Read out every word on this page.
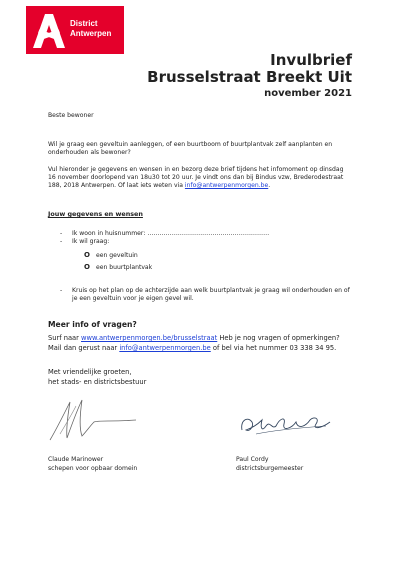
District
Antwerpen
Invulbrief
Brusselstraat Breekt Uit
november 2021
Beste bewoner
Wil je graag een geveltuin aanleggen, of een buurtboom of buurtplantvak zelf aanplanten en
onderhouden als bewoner?
Vul hieronder je gegevens en wensen in en bezorg deze brief tijdens het infomoment op dinsdag
16 november doorlopend van 18u30 tot 20 uur. Je vindt ons dan bij Bindus vzw, Brederodestraat
188, 2018 Antwerpen. Of laat iets weten via info@antwerpenmorgen.be.
Jouw gegevens en wensen
- Ik woon in huisnummer: ……………………………………………………
- Ik wil graag:
O een geveltuin
O een buurtplantvak
- Kruis op het plan op de achterzijde aan welk buurtplantvak je graag wil onderhouden en of
je een geveltuin voor je eigen gevel wil.
Meer info of vragen?
Surf naar www.antwerpenmorgen.be/brusselstraat Heb je nog vragen of opmerkingen?
Mail dan gerust naar info@antwerpenmorgen.be of bel via het nummer 03 338 34 95.
Met vriendelijke groeten,
het stads- en districtsbestuur
Claude Marinower
schepen voor opbaar domein
Paul Cordy
districtsburgemeester
